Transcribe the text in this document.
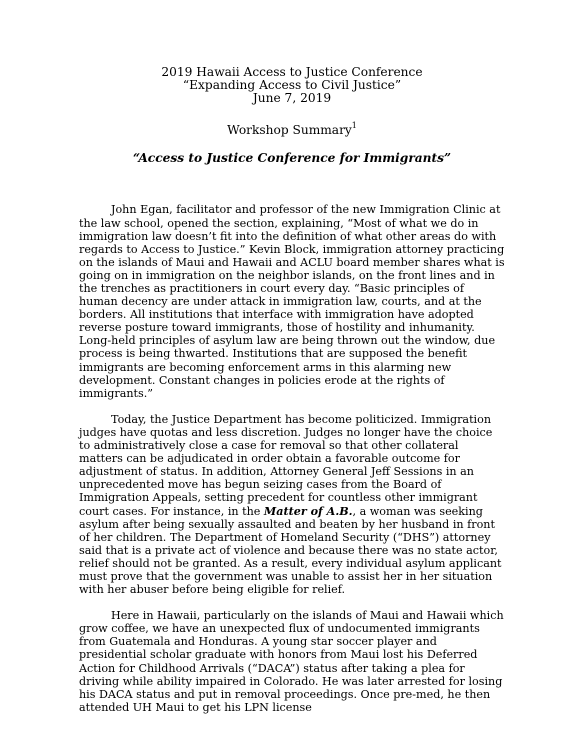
2019 Hawaii Access to Justice Conference
“Expanding Access to Civil Justice”
June 7, 2019
Workshop Summary$^1$
“Access to Justice Conference for Immigrants”

John Egan, facilitator and professor of the new Immigration Clinic at the law school, opened the section, explaining, “Most of what we do in immigration law doesn’t fit into the definition of what other areas do with regards to Access to Justice.” Kevin Block, immigration attorney practicing on the islands of Maui and Hawaii and ACLU board member shares what is going on in immigration on the neighbor islands, on the front lines and in the trenches as practitioners in court every day. “Basic principles of human decency are under attack in immigration law, courts, and at the borders. All institutions that interface with immigration have adopted reverse posture toward immigrants, those of hostility and inhumanity. Long-held principles of asylum law are being thrown out the window, due process is being thwarted. Institutions that are supposed the benefit immigrants are becoming enforcement arms in this alarming new development. Constant changes in policies erode at the rights of immigrants.”

Today, the Justice Department has become politicized. Immigration judges have quotas and less discretion. Judges no longer have the choice to administratively close a case for removal so that other collateral matters can be adjudicated in order obtain a favorable outcome for adjustment of status. In addition, Attorney General Jeff Sessions in an unprecedented move has begun seizing cases from the Board of Immigration Appeals, setting precedent for countless other immigrant court cases. For instance, in the Matter of A.B., a woman was seeking asylum after being sexually assaulted and beaten by her husband in front of her children. The Department of Homeland Security (“DHS”) attorney said that is a private act of violence and because there was no state actor, relief should not be granted. As a result, every individual asylum applicant must prove that the government was unable to assist her in her situation with her abuser before being eligible for relief.

Here in Hawaii, particularly on the islands of Maui and Hawaii which grow coffee, we have an unexpected flux of undocumented immigrants from Guatemala and Honduras. A young star soccer player and presidential scholar graduate with honors from Maui lost his Deferred Action for Childhood Arrivals (“DACA”) status after taking a plea for driving while ability impaired in Colorado. He was later arrested for losing his DACA status and put in removal proceedings. Once pre-med, he then attended UH Maui to get his LPN license
